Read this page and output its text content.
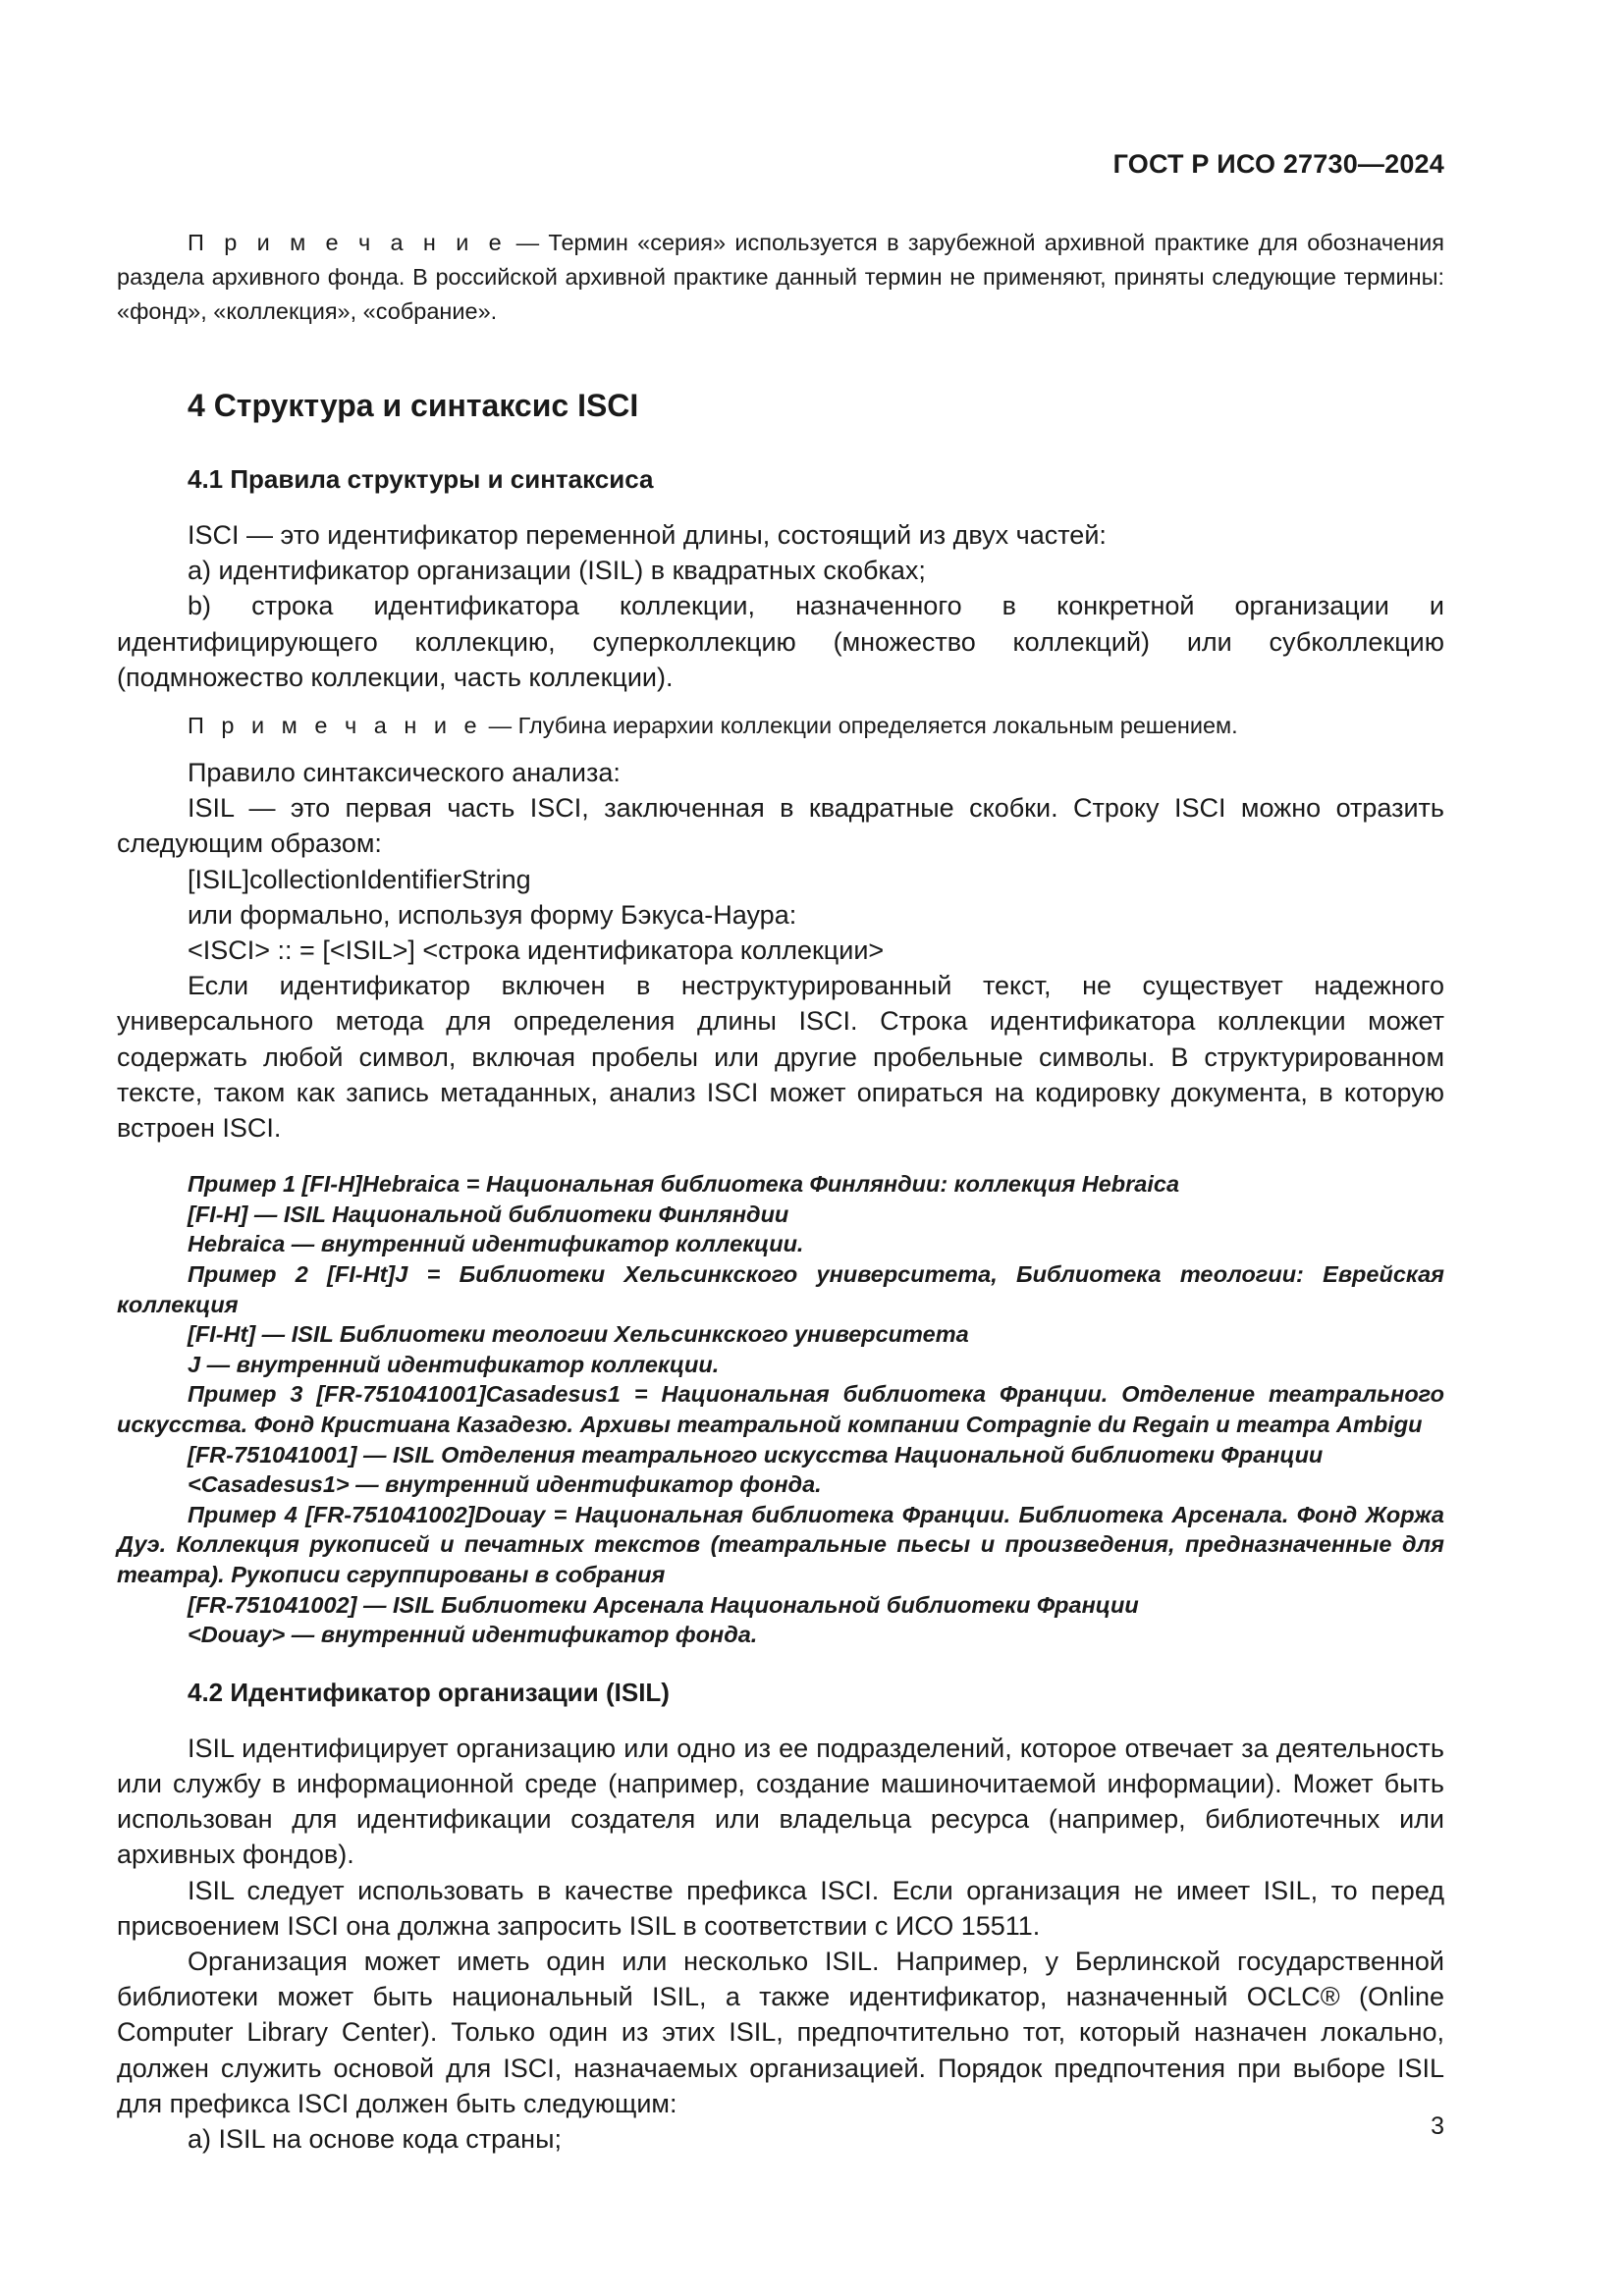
ГОСТ Р ИСО 27730—2024

П р и м е ч а н и е — Термин «серия» используется в зарубежной архивной практике для обозначения раздела архивного фонда. В российской архивной практике данный термин не применяют, приняты следующие термины: «фонд», «коллекция», «собрание».

4 Структура и синтаксис ISCI
4.1 Правила структуры и синтаксиса

ISCI — это идентификатор переменной длины, состоящий из двух частей:

a) идентификатор организации (ISIL) в квадратных скобках;

b) строка идентификатора коллекции, назначенного в конкретной организации и идентифицирующего коллекцию, суперколлекцию (множество коллекций) или субколлекцию (подмножество коллекции, часть коллекции).

П р и м е ч а н и е — Глубина иерархии коллекции определяется локальным решением.

Правило синтаксического анализа:

ISIL — это первая часть ISCI, заключенная в квадратные скобки. Строку ISCI можно отразить следующим образом:

[ISIL]collectionIdentifierString

или формально, используя форму Бэкуса-Наура:

<ISCI> :: = [<ISIL>] <строка идентификатора коллекции>

Если идентификатор включен в неструктурированный текст, не существует надежного универсального метода для определения длины ISCI. Строка идентификатора коллекции может содержать любой символ, включая пробелы или другие пробельные символы. В структурированном тексте, таком как запись метаданных, анализ ISCI может опираться на кодировку документа, в которую встроен ISCI.

Пример 1 [FI-H]Hebraica = Национальная библиотека Финляндии: коллекция Hebraica

[FI-H] — ISIL Национальной библиотеки Финляндии

Hebraica — внутренний идентификатор коллекции.

Пример 2 [FI-Ht]J = Библиотеки Хельсинкского университета, Библиотека теологии: Еврейская коллекция

[FI-Ht] — ISIL Библиотеки теологии Хельсинкского университета

J — внутренний идентификатор коллекции.

Пример 3 [FR-751041001]Casadesus1 = Национальная библиотека Франции. Отделение театрального искусства. Фонд Кристиана Казадезю. Архивы театральной компании Compagnie du Regain и театра Ambigu

[FR-751041001] — ISIL Отделения театрального искусства Национальной библиотеки Франции

<Casadesus1> — внутренний идентификатор фонда.

Пример 4 [FR-751041002]Douay = Национальная библиотека Франции. Библиотека Арсенала. Фонд Жоржа Дуэ. Коллекция рукописей и печатных текстов (театральные пьесы и произведения, предназначенные для театра). Рукописи сгруппированы в собрания

[FR-751041002] — ISIL Библиотеки Арсенала Национальной библиотеки Франции

<Douay> — внутренний идентификатор фонда.

4.2 Идентификатор организации (ISIL)

ISIL идентифицирует организацию или одно из ее подразделений, которое отвечает за деятельность или службу в информационной среде (например, создание машиночитаемой информации). Может быть использован для идентификации создателя или владельца ресурса (например, библиотечных или архивных фондов).

ISIL следует использовать в качестве префикса ISCI. Если организация не имеет ISIL, то перед присвоением ISCI она должна запросить ISIL в соответствии с ИСО 15511.

Организация может иметь один или несколько ISIL. Например, у Берлинской государственной библиотеки может быть национальный ISIL, а также идентификатор, назначенный OCLC® (Online Computer Library Center). Только один из этих ISIL, предпочтительно тот, который назначен локально, должен служить основой для ISCI, назначаемых организацией. Порядок предпочтения при выборе ISIL для префикса ISCI должен быть следующим:

a) ISIL на основе кода страны;	3
